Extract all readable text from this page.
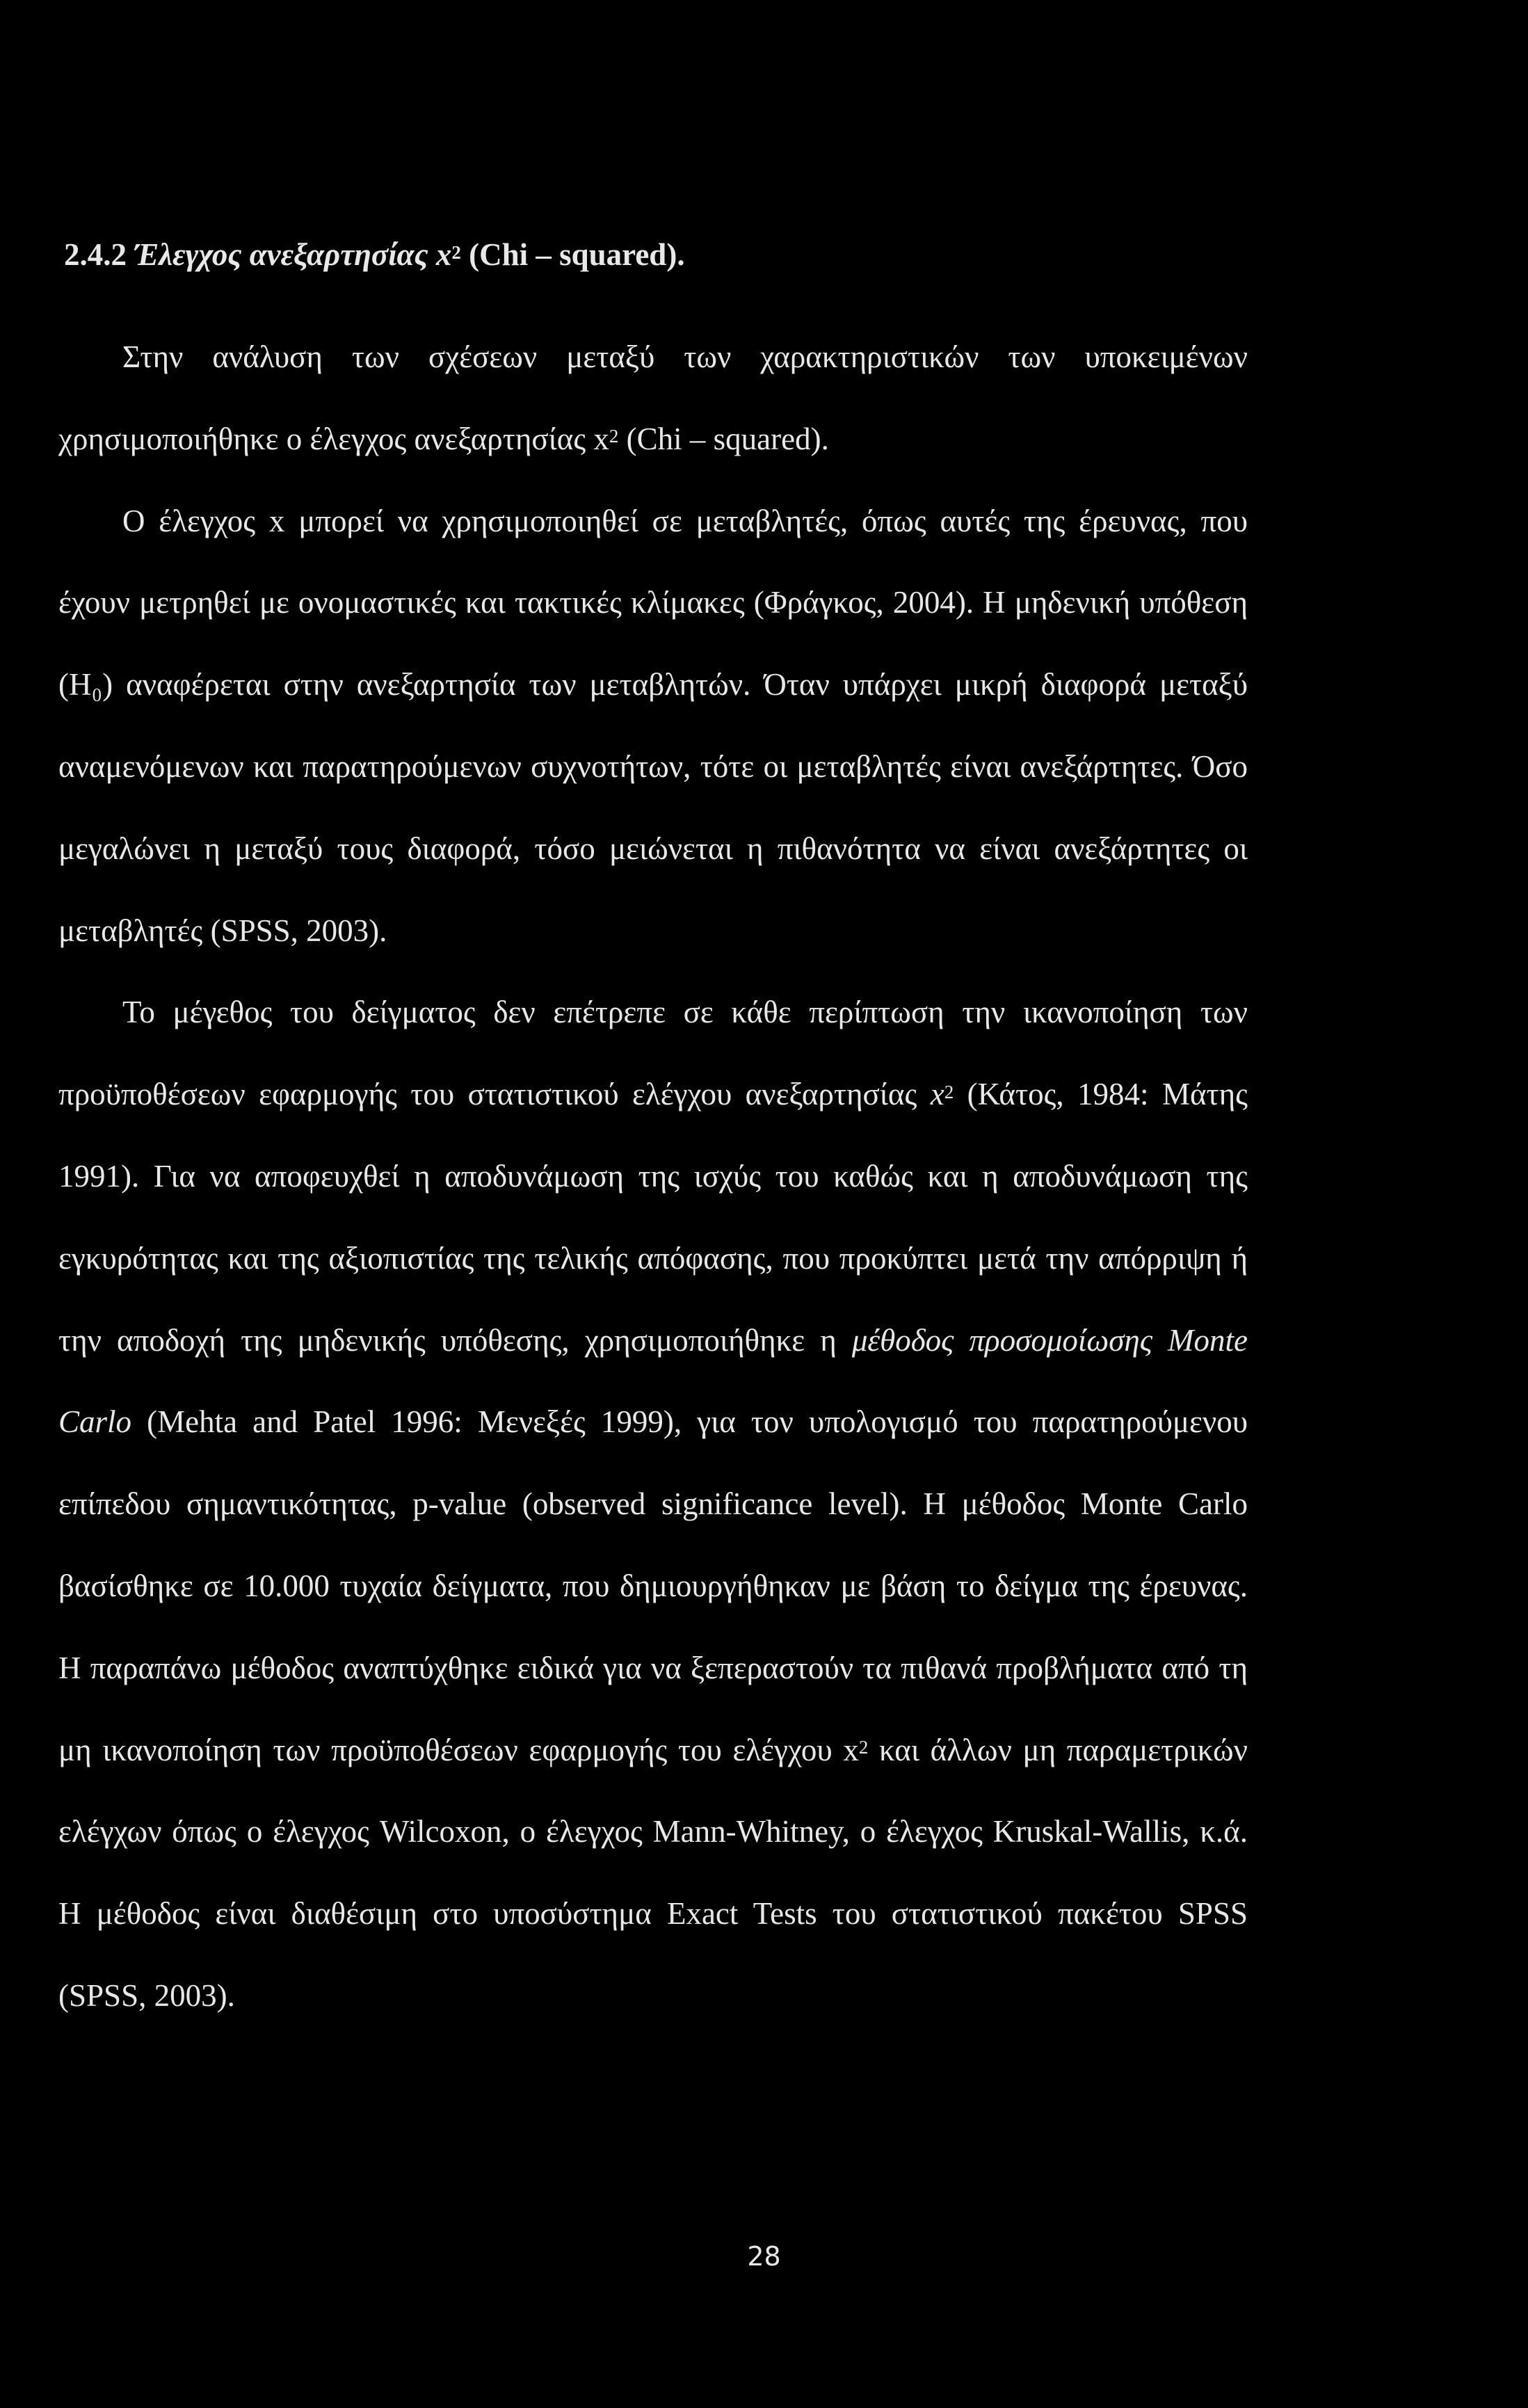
2.4.2 Έλεγχος ανεξαρτησίας $x^2$ (Chi – squared).

Στην ανάλυση των σχέσεων μεταξύ των χαρακτηριστικών των υποκειμένων χρησιμοποιήθηκε ο έλεγχος ανεξαρτησίας $x^2$ (Chi – squared).

Ο έλεγχος x μπορεί να χρησιμοποιηθεί σε μεταβλητές, όπως αυτές της έρευνας, που έχουν μετρηθεί με ονομαστικές και τακτικές κλίμακες (Φράγκος, 2004). Η μηδενική υπόθεση (H₀) αναφέρεται στην ανεξαρτησία των μεταβλητών. Όταν υπάρχει μικρή διαφορά μεταξύ αναμενόμενων και παρατηρούμενων συχνοτήτων, τότε οι μεταβλητές είναι ανεξάρτητες. Όσο μεγαλώνει η μεταξύ τους διαφορά, τόσο μειώνεται η πιθανότητα να είναι ανεξάρτητες οι μεταβλητές (SPSS, 2003).

Το μέγεθος του δείγματος δεν επέτρεπε σε κάθε περίπτωση την ικανοποίηση των προϋποθέσεων εφαρμογής του στατιστικού ελέγχου ανεξαρτησίας $x^2$ (Κάτος, 1984: Μάτης 1991). Για να αποφευχθεί η αποδυνάμωση της ισχύς του καθώς και η αποδυνάμωση της εγκυρότητας και της αξιοπιστίας της τελικής απόφασης, που προκύπτει μετά την απόρριψη ή την αποδοχή της μηδενικής υπόθεσης, χρησιμοποιήθηκε η μέθοδος προσομοίωσης Monte Carlo (Mehta and Patel 1996: Μενεξές 1999), για τον υπολογισμό του παρατηρούμενου επίπεδου σημαντικότητας, p-value (observed significance level). Η μέθοδος Monte Carlo βασίσθηκε σε 10.000 τυχαία δείγματα, που δημιουργήθηκαν με βάση το δείγμα της έρευνας. Η παραπάνω μέθοδος αναπτύχθηκε ειδικά για να ξεπεραστούν τα πιθανά προβλήματα από τη μη ικανοποίηση των προϋποθέσεων εφαρμογής του ελέγχου $x^2$ και άλλων μη παραμετρικών ελέγχων όπως ο έλεγχος Wilcoxon, ο έλεγχος Mann-Whitney, ο έλεγχος Kruskal-Wallis, κ.ά. Η μέθοδος είναι διαθέσιμη στο υποσύστημα Exact Tests του στατιστικού πακέτου SPSS (SPSS, 2003).

28
